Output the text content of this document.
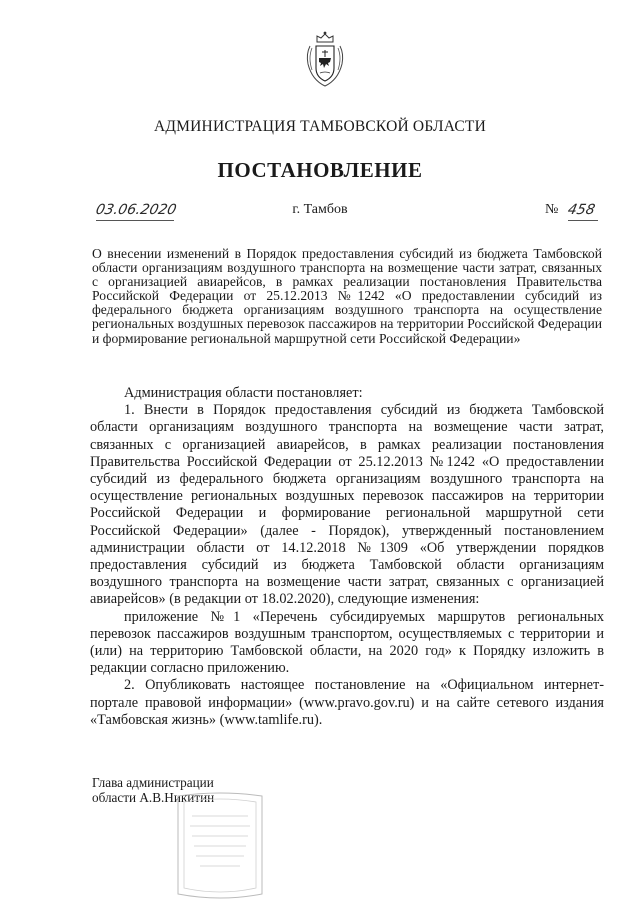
АДМИНИСТРАЦИЯ ТАМБОВСКОЙ ОБЛАСТИ
ПОСТАНОВЛЕНИЕ
03.06.2020	г. Тамбов	№ 458
О внесении изменений в Порядок предоставления субсидий из бюджета Тамбовской области организациям воздушного транспорта на возмещение части затрат, связанных с организацией авиарейсов, в рамках реализации постановления Правительства Российской Федерации от 25.12.2013 №1242 «О предоставлении субсидий из федерального бюджета организациям воздушного транспорта на осуществление региональных воздушных перевозок пассажиров на территории Российской Федерации и формирование региональной маршрутной сети Российской Федерации»

Администрация области постановляет:

1. Внести в Порядок предоставления субсидий из бюджета Тамбовской области организациям воздушного транспорта на возмещение части затрат, связанных с организацией авиарейсов, в рамках реализации постановления Правительства Российской Федерации от 25.12.2013 №1242 «О предоставлении субсидий из федерального бюджета организациям воздушного транспорта на осуществление региональных воздушных перевозок пассажиров на территории Российской Федерации и формирование региональной маршрутной сети Российской Федерации» (далее - Порядок), утвержденный постановлением администрации области от 14.12.2018 №1309 «Об утверждении порядков предоставления субсидий из бюджета Тамбовской области организациям воздушного транспорта на возмещение части затрат, связанных с организацией авиарейсов» (в редакции от 18.02.2020), следующие изменения:

приложение №1 «Перечень субсидируемых маршрутов региональных перевозок пассажиров воздушным транспортом, осуществляемых с территории и (или) на территорию Тамбовской области, на 2020 год» к Порядку изложить в редакции согласно приложению.

2. Опубликовать настоящее постановление на «Официальном интернет-портале правовой информации» (www.pravo.gov.ru) и на сайте сетевого издания «Тамбовская жизнь» (www.tamlife.ru).

Глава администрации
области А.В.Никитин
